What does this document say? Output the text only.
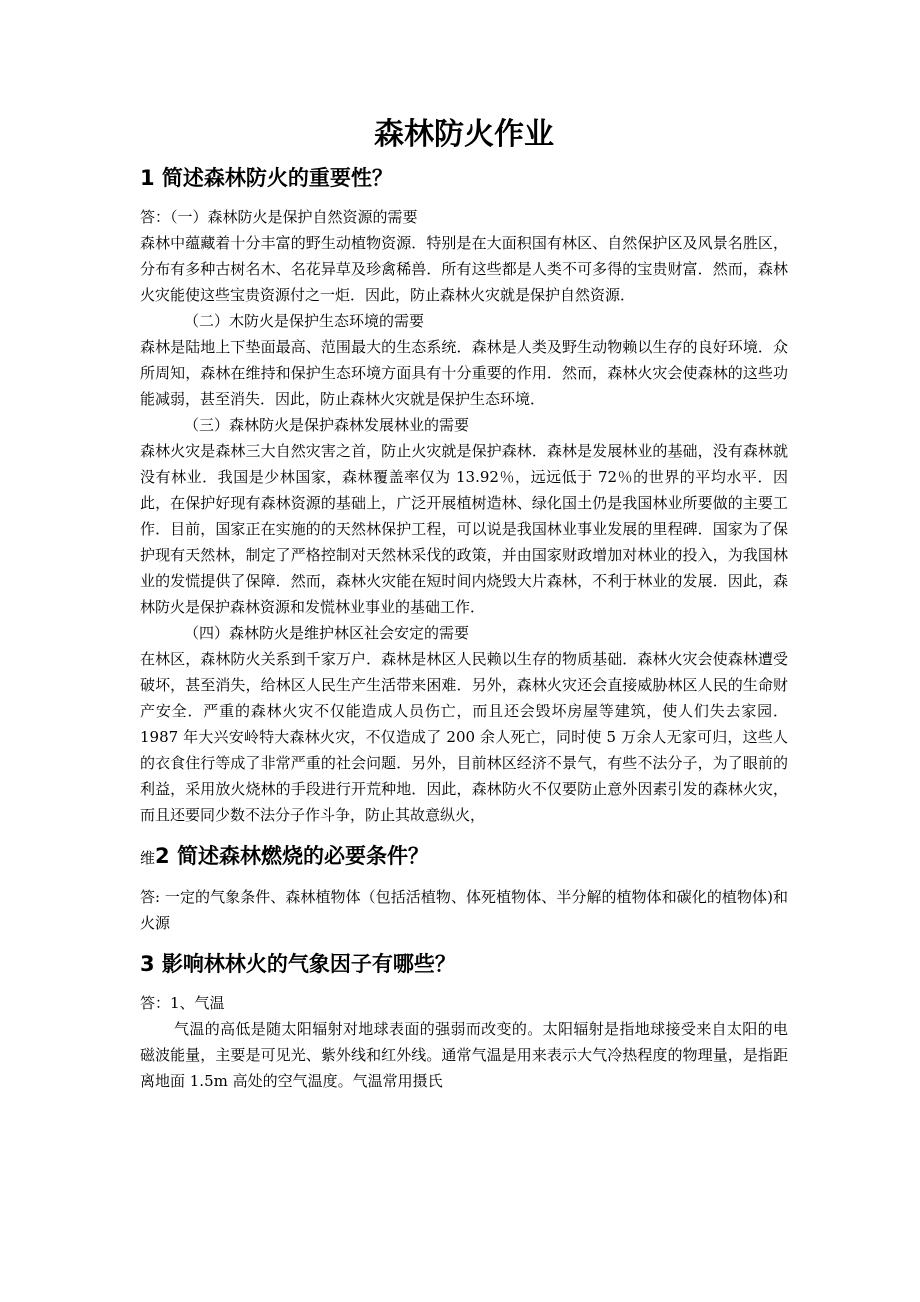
森林防火作业
1 简述森林防火的重要性？

答：（一）森林防火是保护自然资源的需要

森林中蕴藏着十分丰富的野生动植物资源．特别是在大面积国有林区、自然保护区及风景名胜区，分布有多种古树名木、名花异草及珍禽稀兽．所有这些都是人类不可多得的宝贵财富．然而，森林火灾能使这些宝贵资源付之一炬．因此，防止森林火灾就是保护自然资源．

（二）木防火是保护生态环境的需要

森林是陆地上下垫面最高、范围最大的生态系统．森林是人类及野生动物赖以生存的良好环境．众所周知，森林在维持和保护生态环境方面具有十分重要的作用．然而，森林火灾会使森林的这些功能减弱，甚至消失．因此，防止森林火灾就是保护生态环境．

（三）森林防火是保护森林发展林业的需要

森林火灾是森林三大自然灾害之首，防止火灾就是保护森林．森林是发展林业的基础，没有森林就没有林业．我国是少林国家，森林覆盖率仅为 13.92％，远远低于 72％的世界的平均水平．因此，在保护好现有森林资源的基础上，广泛开展植树造林、绿化国土仍是我国林业所要做的主要工作．目前，国家正在实施的的天然林保护工程，可以说是我国林业事业发展的里程碑．国家为了保护现有天然林，制定了严格控制对天然林采伐的政策，并由国家财政增加对林业的投入，为我国林业的发慌提供了保障．然而，森林火灾能在短时间内烧毁大片森林，不利于林业的发展．因此，森林防火是保护森林资源和发慌林业事业的基础工作．

（四）森林防火是维护林区社会安定的需要

在林区，森林防火关系到千家万户．森林是林区人民赖以生存的物质基础．森林火灾会使森林遭受破坏，甚至消失，给林区人民生产生活带来困难．另外，森林火灾还会直接威胁林区人民的生命财产安全．严重的森林火灾不仅能造成人员伤亡，而且还会毁坏房屋等建筑，使人们失去家园．1987 年大兴安岭特大森林火灾，不仅造成了 200 余人死亡，同时使 5 万余人无家可归，这些人的衣食住行等成了非常严重的社会问题．另外，目前林区经济不景气，有些不法分子，为了眼前的利益，采用放火烧林的手段进行开荒种地．因此，森林防火不仅要防止意外因素引发的森林火灾，而且还要同少数不法分子作斗争，防止其故意纵火，

维2 简述森林燃烧的必要条件？

答: 一定的气象条件、森林植物体（包括活植物、体死植物体、半分解的植物体和碳化的植物体)和火源

3 影响林林火的气象因子有哪些？

答：1、气温

气温的高低是随太阳辐射对地球表面的强弱而改变的。太阳辐射是指地球接受来自太阳的电磁波能量，主要是可见光、紫外线和红外线。通常气温是用来表示大气冷热程度的物理量，是指距离地面 1.5m 高处的空气温度。气温常用摄氏
